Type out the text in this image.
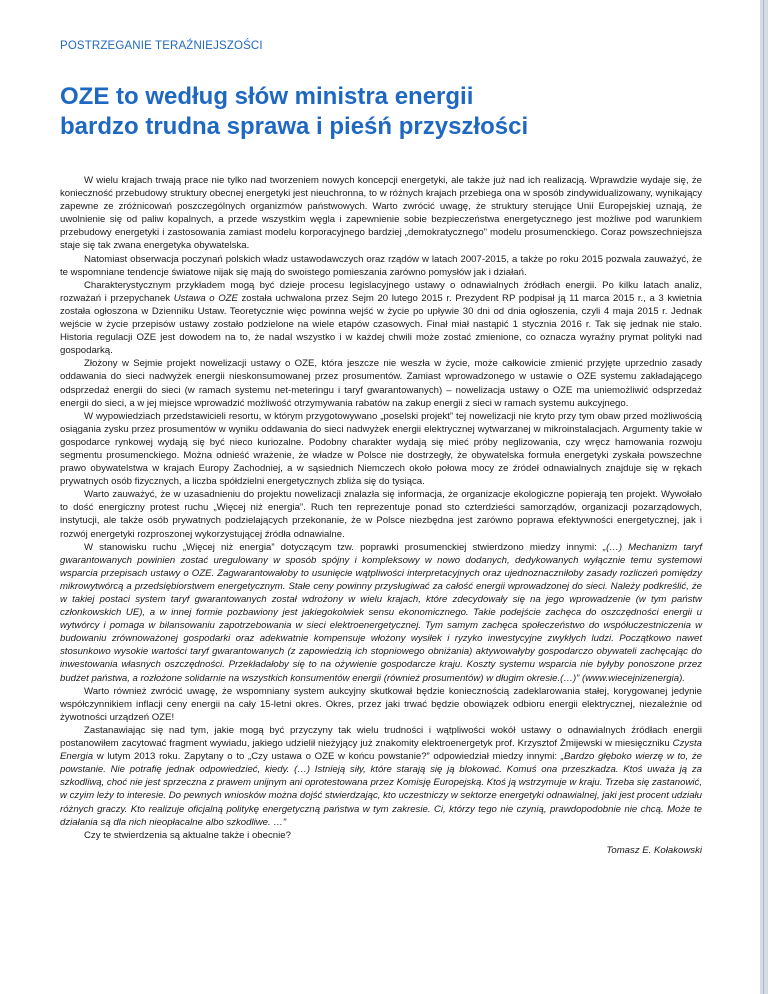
POSTRZEGANIE TERAŹNIEJSZOŚCI
OZE to według słów ministra energii
bardzo trudna sprawa i pieśń przyszłości

W wielu krajach trwają prace nie tylko nad tworzeniem nowych koncepcji energetyki, ale także już nad ich realizacją. Wprawdzie wydaje się, że konieczność przebudowy struktury obecnej energetyki jest nieuchronna, to w różnych krajach przebiega ona w sposób zindywidualizowany, wynikający zapewne ze zróżnicowań poszczególnych organizmów państwowych. Warto zwrócić uwagę, że struktury sterujące Unii Europejskiej uznają, że uwolnienie się od paliw kopalnych, a przede wszystkim węgla i zapewnienie sobie bezpieczeństwa energetycznego jest możliwe pod warunkiem przebudowy energetyki i zastosowania zamiast modelu korporacyjnego bardziej „demokratycznego” modelu prosumenckiego. Coraz powszechniejsza staje się tak zwana energetyka obywatelska.

Natomiast obserwacja poczynań polskich władz ustawodawczych oraz rządów w latach 2007-2015, a także po roku 2015 pozwala zauważyć, że te wspomniane tendencje światowe nijak się mają do swoistego pomieszania zarówno pomysłów jak i działań.

Charakterystycznym przykładem mogą być dzieje procesu legislacyjnego ustawy o odnawialnych źródłach energii. Po kilku latach analiz, rozważań i przepychanek Ustawa o OZE została uchwalona przez Sejm 20 lutego 2015 r. Prezydent RP podpisał ją 11 marca 2015 r., a 3 kwietnia została ogłoszona w Dzienniku Ustaw. Teoretycznie więc powinna wejść w życie po upływie 30 dni od dnia ogłoszenia, czyli 4 maja 2015 r. Jednak wejście w życie przepisów ustawy zostało podzielone na wiele etapów czasowych. Finał miał nastąpić 1 stycznia 2016 r. Tak się jednak nie stało. Historia regulacji OZE jest dowodem na to, że nadal wszystko i w każdej chwili może zostać zmienione, co oznacza wyraźny prymat polityki nad gospodarką.

Złożony w Sejmie projekt nowelizacji ustawy o OZE, która jeszcze nie weszła w życie, może całkowicie zmienić przyjęte uprzednio zasady oddawania do sieci nadwyżek energii nieskonsumowanej przez prosumentów. Zamiast wprowadzonego w ustawie o OZE systemu zakładającego odsprzedaż energii do sieci (w ramach systemu net-meteringu i taryf gwarantowanych) – nowelizacja ustawy o OZE ma uniemożliwić odsprzedaż energii do sieci, a w jej miejsce wprowadzić możliwość otrzymywania rabatów na zakup energii z sieci w ramach systemu aukcyjnego.

W wypowiedziach przedstawicieli resortu, w którym przygotowywano „poselski projekt” tej nowelizacji nie kryto przy tym obaw przed możliwością osiągania zysku przez prosumentów w wyniku oddawania do sieci nadwyżek energii elektrycznej wytwarzanej w mikroinstalacjach. Argumenty takie w gospodarce rynkowej wydają się być nieco kuriozalne. Podobny charakter wydają się mieć próby neglizowania, czy wręcz hamowania rozwoju segmentu prosumenckiego. Można odnieść wrażenie, że władze w Polsce nie dostrzegły, że obywatelska formuła energetyki zyskała powszechne prawo obywatelstwa w krajach Europy Zachodniej, a w sąsiednich Niemczech około połowa mocy ze źródeł odnawialnych znajduje się w rękach prywatnych osób fizycznych, a liczba spółdzielni energetycznych zbliża się do tysiąca.

Warto zauważyć, że w uzasadnieniu do projektu nowelizacji znalazła się informacja, że organizacje ekologiczne popierają ten projekt. Wywołało to dość energiczny protest ruchu „Więcej niż energia”. Ruch ten reprezentuje ponad sto czterdzieści samorządów, organizacji pozarządowych, instytucji, ale także osób prywatnych podzielających przekonanie, że w Polsce niezbędna jest zarówno poprawa efektywności energetycznej, jak i rozwój energetyki rozproszonej wykorzystującej źródła odnawialne.

W stanowisku ruchu „Więcej niż energia” dotyczącym tzw. poprawki prosumenckiej stwierdzono miedzy innymi: „(…) Mechanizm taryf gwarantowanych powinien zostać uregulowany w sposób spójny i kompleksowy w nowo dodanych, dedykowanych wyłącznie temu systemowi wsparcia przepisach ustawy o OZE. Zagwarantowałoby to usunięcie wątpliwości interpretacyjnych oraz ujednoznaczniłoby zasady rozliczeń pomiędzy mikrowytwórcą a przedsiębiorstwem energetycznym. Stałe ceny powinny przysługiwać za całość energii wprowadzonej do sieci. Należy podkreślić, że w takiej postaci system taryf gwarantowanych został wdrożony w wielu krajach, które zdecydowały się na jego wprowadzenie (w tym państw członkowskich UE), a w innej formie pozbawiony jest jakiegokolwiek sensu ekonomicznego. Takie podejście zachęca do oszczędności energii u wytwórcy i pomaga w bilansowaniu zapotrzebowania w sieci elektroenergetycznej. Tym samym zachęca społeczeństwo do współuczestniczenia w budowaniu zrównoważonej gospodarki oraz adekwatnie kompensuje włożony wysiłek i ryzyko inwestycyjne zwykłych ludzi. Początkowo nawet stosunkowo wysokie wartości taryf gwarantowanych (z zapowiedzią ich stopniowego obniżania) aktywowałyby gospodarczo obywateli zachęcając do inwestowania własnych oszczędności. Przekładałoby się to na ożywienie gospodarcze kraju. Koszty systemu wsparcia nie byłyby ponoszone przez budżet państwa, a rozłożone solidarnie na wszystkich konsumentów energii (również prosumentów) w długim okresie.(…)” (www.wiecejnizenergia).

Warto również zwrócić uwagę, że wspomniany system aukcyjny skutkował będzie koniecznością zadeklarowania stałej, korygowanej jedynie współczynnikiem inflacji ceny energii na cały 15-letni okres. Okres, przez jaki trwać będzie obowiązek odbioru energii elektrycznej, niezależnie od żywotności urządzeń OZE!

Zastanawiając się nad tym, jakie mogą być przyczyny tak wielu trudności i wątpliwości wokół ustawy o odnawialnych źródłach energii postanowiłem zacytować fragment wywiadu, jakiego udzielił nieżyjący już znakomity elektroenergetyk prof. Krzysztof Żmijewski w miesięczniku Czysta Energia w lutym 2013 roku. Zapytany o to „Czy ustawa o OZE w końcu powstanie?” odpowiedział miedzy innymi: „Bardzo głęboko wierzę w to, że powstanie. Nie potrafię jednak odpowiedzieć, kiedy. (…) Istnieją siły, które starają się ją blokować. Komuś ona przeszkadza. Ktoś uważa ją za szkodliwą, choć nie jest sprzeczna z prawem unijnym ani oprotestowana przez Komisję Europejską. Ktoś ją wstrzymuje w kraju. Trzeba się zastanowić, w czyim leży to interesie. Do pewnych wniosków można dojść stwierdzając, kto uczestniczy w sektorze energetyki odnawialnej, jaki jest procent udziału różnych graczy. Kto realizuje oficjalną politykę energetyczną państwa w tym zakresie. Ci, którzy tego nie czynią, prawdopodobnie nie chcą. Może te działania są dla nich nieopłacalne albo szkodliwe. …”

Czy te stwierdzenia są aktualne także i obecnie?

Tomasz E. Kołakowski
